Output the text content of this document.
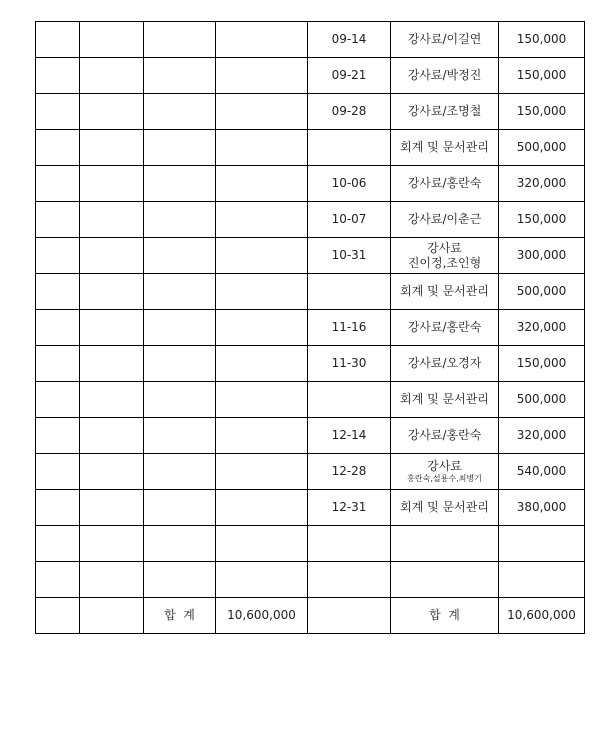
				09-14	강사료/이길연	150,000
				09-21	강사료/박정진	150,000
				09-28	강사료/조명철	150,000

					회계 및 문서관리	500,000
				10-06	강사료/홍란숙	320,000
				10-07	강사료/이춘근	150,000
				10-31	강사료
진이정,조인형	300,000

					회계 및 문서관리	500,000
				11-16	강사료/홍란숙	320,000
				11-30	강사료/오경자	150,000

					회계 및 문서관리	500,000
				12-14	강사료/홍란숙	320,000
				12-28	강사료
홍란숙,설용수,최병기	540,000
				12-31	회계 및 문서관리	380,000

		합  계	10,600,000		합  계	10,600,000
